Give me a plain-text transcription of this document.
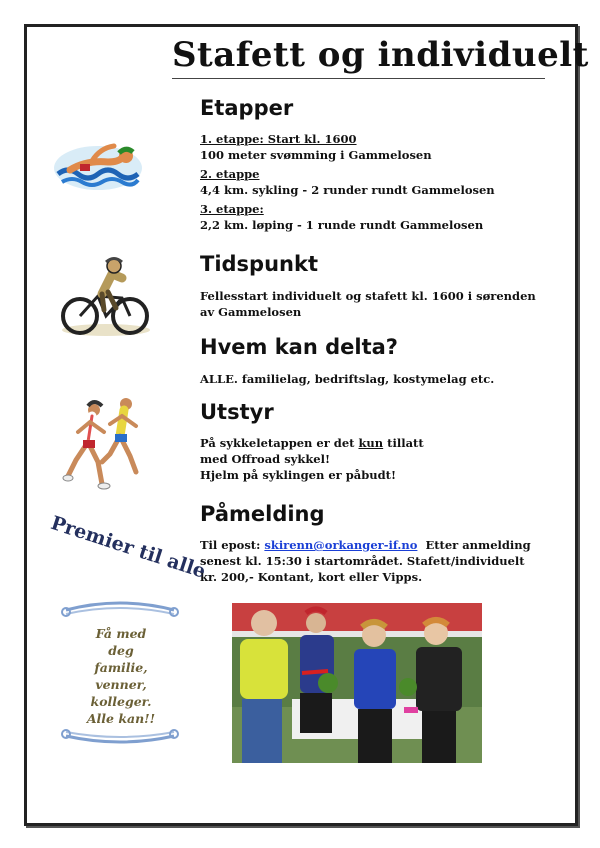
Stafett og individuelt
Etapper
1. etappe: Start kl. 1600
100 meter svømming i Gammelosen
2. etappe
4,4 km. sykling - 2 runder rundt Gammelosen
3. etappe:
2,2 km. løping - 1 runde rundt Gammelosen
Tidspunkt
Fellesstart individuelt og stafett kl. 1600 i sørenden
av Gammelosen
Hvem kan delta?
ALLE. familielag, bedriftslag, kostymelag etc.
Utstyr
På sykkeletappen er det kun tillatt
med Offroad sykkel!
Hjelm på syklingen er påbudt!
Påmelding
Til epost: skirenn@orkanger-if.no  Etter anmelding
senest kl. 15:30 i startområdet. Stafett/individuelt
kr. 200,- Kontant, kort eller Vipps.
Premier til alle
Få med
deg
familie,
venner,
kolleger.
Alle kan!!
